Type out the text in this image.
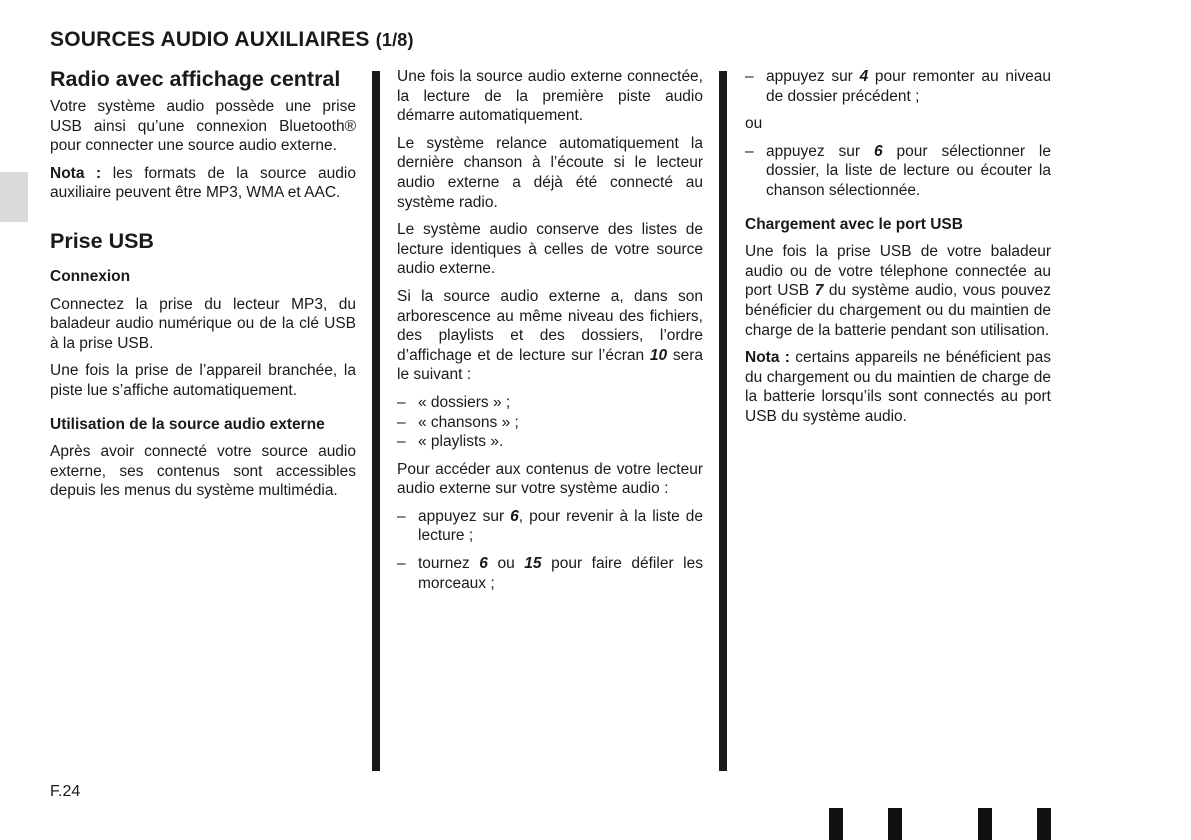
SOURCES AUDIO AUXILIAIRES (1/8)
Radio avec affichage central
Votre système audio possède une prise USB ainsi qu’une connexion Bluetooth® pour connecter une source audio externe.
Nota : les formats de la source audio auxiliaire peuvent être MP3, WMA et AAC.
Prise USB
Connexion
Connectez la prise du lecteur MP3, du baladeur audio numérique ou de la clé USB à la prise USB.
Une fois la prise de l’appareil branchée, la piste lue s’affiche automatiquement.
Utilisation de la source audio externe
Après avoir connecté votre source audio externe, ses contenus sont accessibles depuis les menus du système multimédia.
Une fois la source audio externe connectée, la lecture de la première piste audio démarre automatiquement.
Le système relance automatiquement la dernière chanson à l’écoute si le lecteur audio externe a déjà été connecté au système radio.
Le système audio conserve des listes de lecture identiques à celles de votre source audio externe.
Si la source audio externe a, dans son arborescence au même niveau des fichiers, des playlists et des dossiers, l’ordre d’affichage et de lecture sur l’écran 10 sera le suivant :
– « dossiers » ;
– « chansons » ;
– « playlists ».
Pour accéder aux contenus de votre lecteur audio externe sur votre système audio :
– appuyez sur 6, pour revenir à la liste de lecture ;
– tournez 6 ou 15 pour faire défiler les morceaux ;
– appuyez sur 4 pour remonter au niveau de dossier précédent ;
ou
– appuyez sur 6 pour sélectionner le dossier, la liste de lecture ou écouter la chanson sélectionnée.
Chargement avec le port USB
Une fois la prise USB de votre baladeur audio ou de votre télephone connectée au port USB 7 du système audio, vous pouvez bénéficier du chargement ou du maintien de charge de la batterie pendant son utilisation.
Nota : certains appareils ne bénéficient pas du chargement ou du maintien de charge de la batterie lorsqu’ils sont connectés au port USB du système audio.
F.24
